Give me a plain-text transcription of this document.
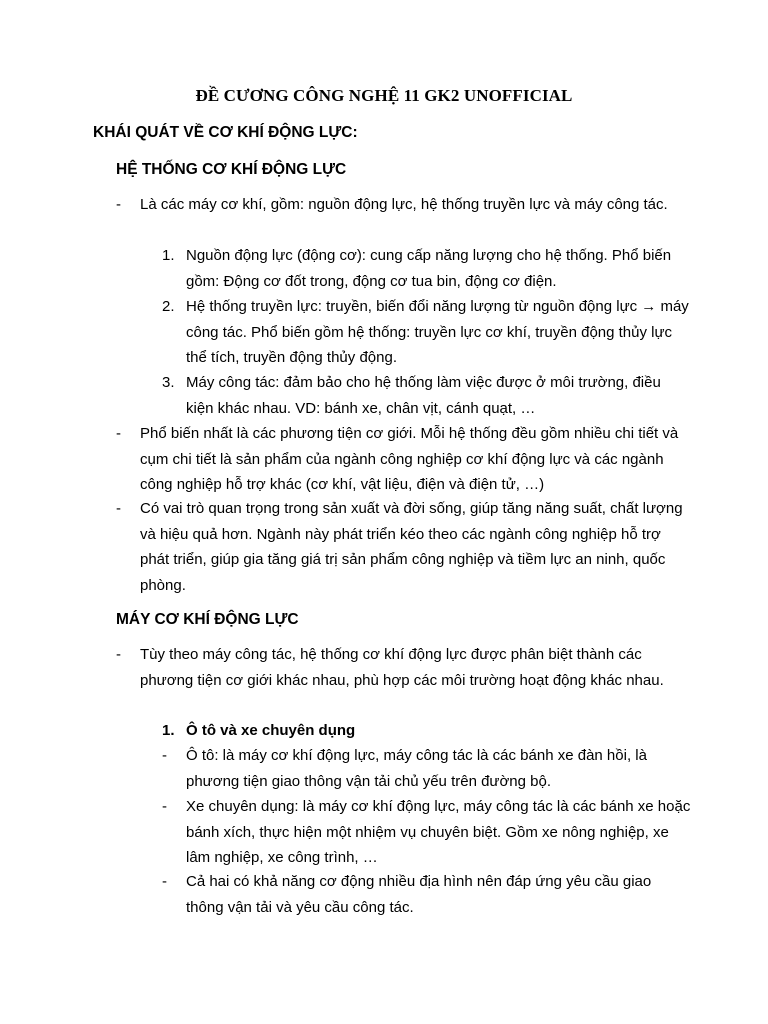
ĐỀ CƯƠNG CÔNG NGHỆ 11 GK2 UNOFFICIAL
KHÁI QUÁT VỀ CƠ KHÍ ĐỘNG LỰC:
HỆ THỐNG CƠ KHÍ ĐỘNG LỰC
- Là các máy cơ khí, gồm: nguồn động lực, hệ thống truyền lực và máy công tác.
1. Nguồn động lực (động cơ): cung cấp năng lượng cho hệ thống. Phổ biến gồm: Động cơ đốt trong, động cơ tua bin, động cơ điện.
2. Hệ thống truyền lực: truyền, biến đổi năng lượng từ nguồn động lực → máy công tác. Phổ biến gồm hệ thống: truyền lực cơ khí, truyền động thủy lực thể tích, truyền động thủy động.
3. Máy công tác: đảm bảo cho hệ thống làm việc được ở môi trường, điều kiện khác nhau. VD: bánh xe, chân vịt, cánh quạt, …
- Phổ biến nhất là các phương tiện cơ giới. Mỗi hệ thống đều gồm nhiều chi tiết và cụm chi tiết là sản phẩm của ngành công nghiệp cơ khí động lực và các ngành công nghiệp hỗ trợ khác (cơ khí, vật liệu, điện và điện tử, …)
- Có vai trò quan trọng trong sản xuất và đời sống, giúp tăng năng suất, chất lượng và hiệu quả hơn. Ngành này phát triển kéo theo các ngành công nghiệp hỗ trợ phát triển, giúp gia tăng giá trị sản phẩm công nghiệp và tiềm lực an ninh, quốc phòng.
MÁY CƠ KHÍ ĐỘNG LỰC
- Tùy theo máy công tác, hệ thống cơ khí động lực được phân biệt thành các phương tiện cơ giới khác nhau, phù hợp các môi trường hoạt động khác nhau.
1. Ô tô và xe chuyên dụng
- Ô tô: là máy cơ khí động lực, máy công tác là các bánh xe đàn hồi, là phương tiện giao thông vận tải chủ yếu trên đường bộ.
- Xe chuyên dụng: là máy cơ khí động lực, máy công tác là các bánh xe hoặc bánh xích, thực hiện một nhiệm vụ chuyên biệt. Gồm xe nông nghiệp, xe lâm nghiệp, xe công trình, …
- Cả hai có khả năng cơ động nhiều địa hình nên đáp ứng yêu cầu giao thông vận tải và yêu cầu công tác.
